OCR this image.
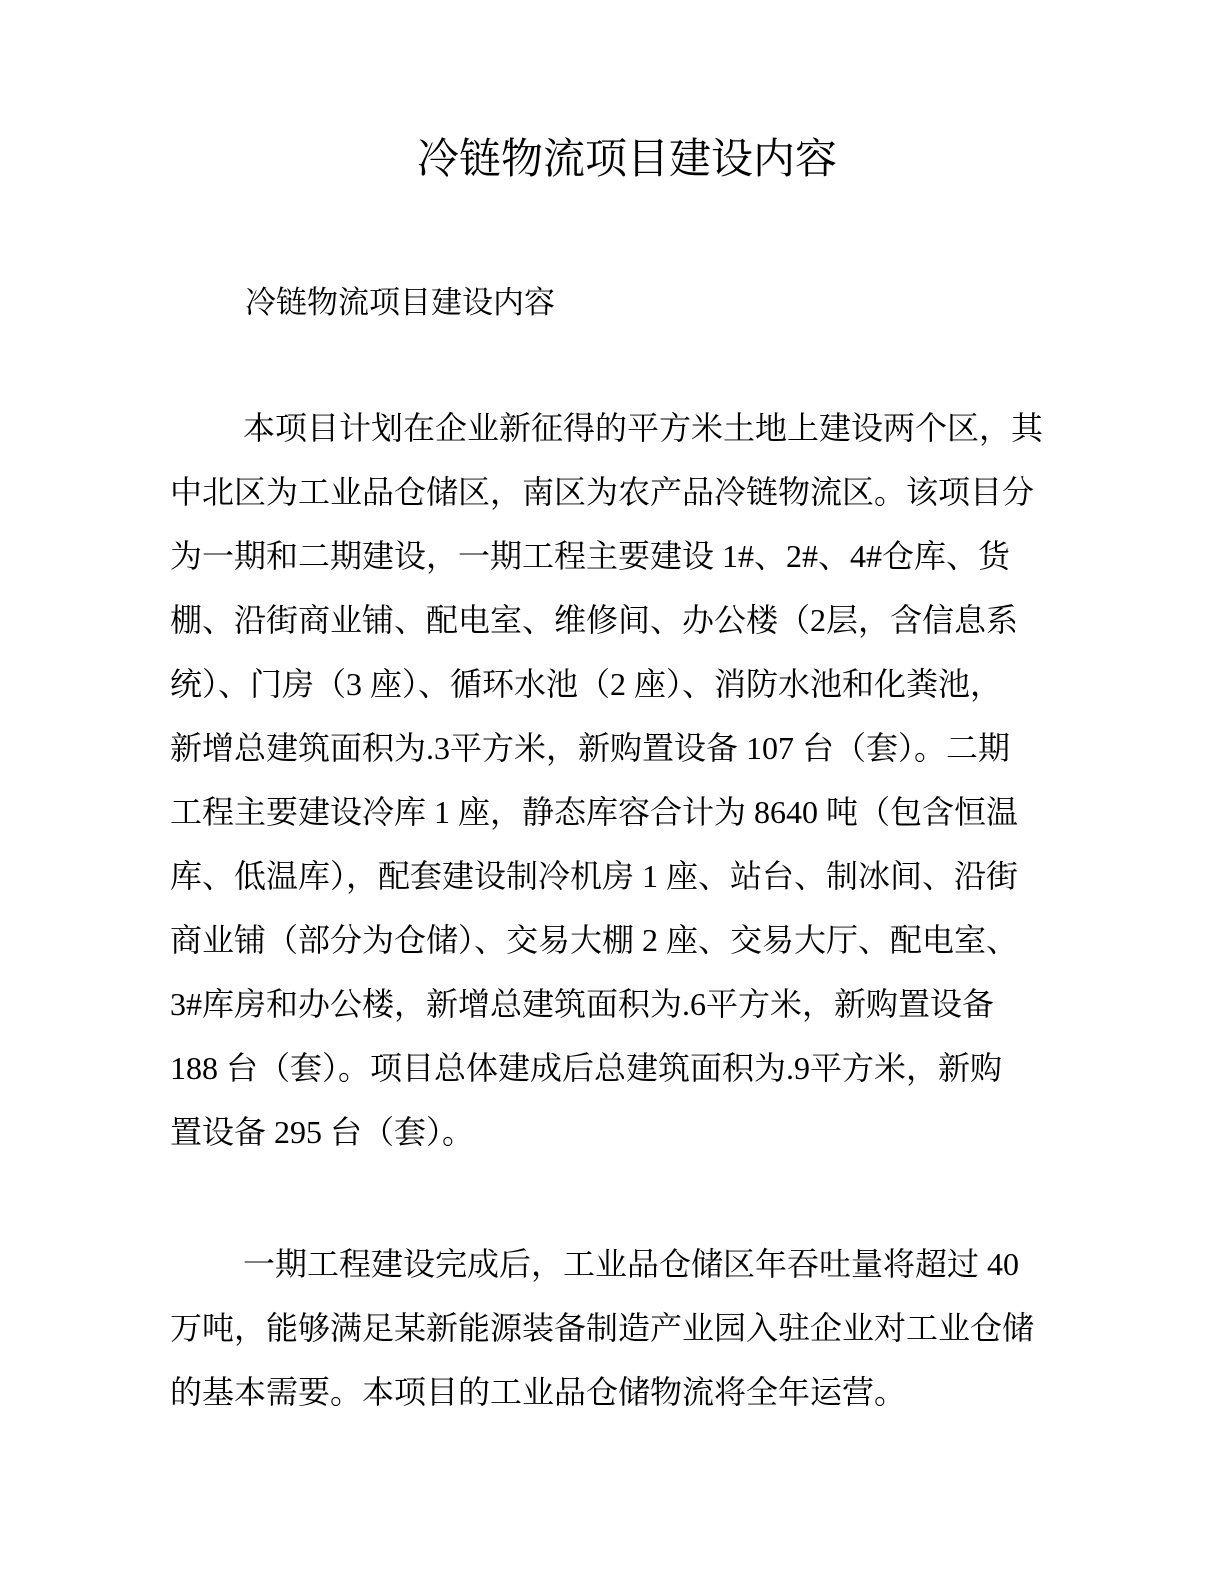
冷链物流项目建设内容
冷链物流项目建设内容
本项目计划在企业新征得的平方米土地上建设两个区，其
中北区为工业品仓储区，南区为农产品冷链物流区。该项目分
为一期和二期建设，一期工程主要建设 1#、2#、4#仓库、货
棚、沿街商业铺、配电室、维修间、办公楼（2层，含信息系
统）、门房（3 座）、循环水池（2 座）、消防水池和化粪池，
新增总建筑面积为.3平方米，新购置设备 107 台（套）。二期
工程主要建设冷库 1 座，静态库容合计为 8640 吨（包含恒温
库、低温库），配套建设制冷机房 1 座、站台、制冰间、沿街
商业铺（部分为仓储）、交易大棚 2 座、交易大厅、配电室、
3#库房和办公楼，新增总建筑面积为.6平方米，新购置设备
188 台（套）。项目总体建成后总建筑面积为.9平方米，新购
置设备 295 台（套）。
一期工程建设完成后，工业品仓储区年吞吐量将超过 40
万吨，能够满足某新能源装备制造产业园入驻企业对工业仓储
的基本需要。本项目的工业品仓储物流将全年运营。
